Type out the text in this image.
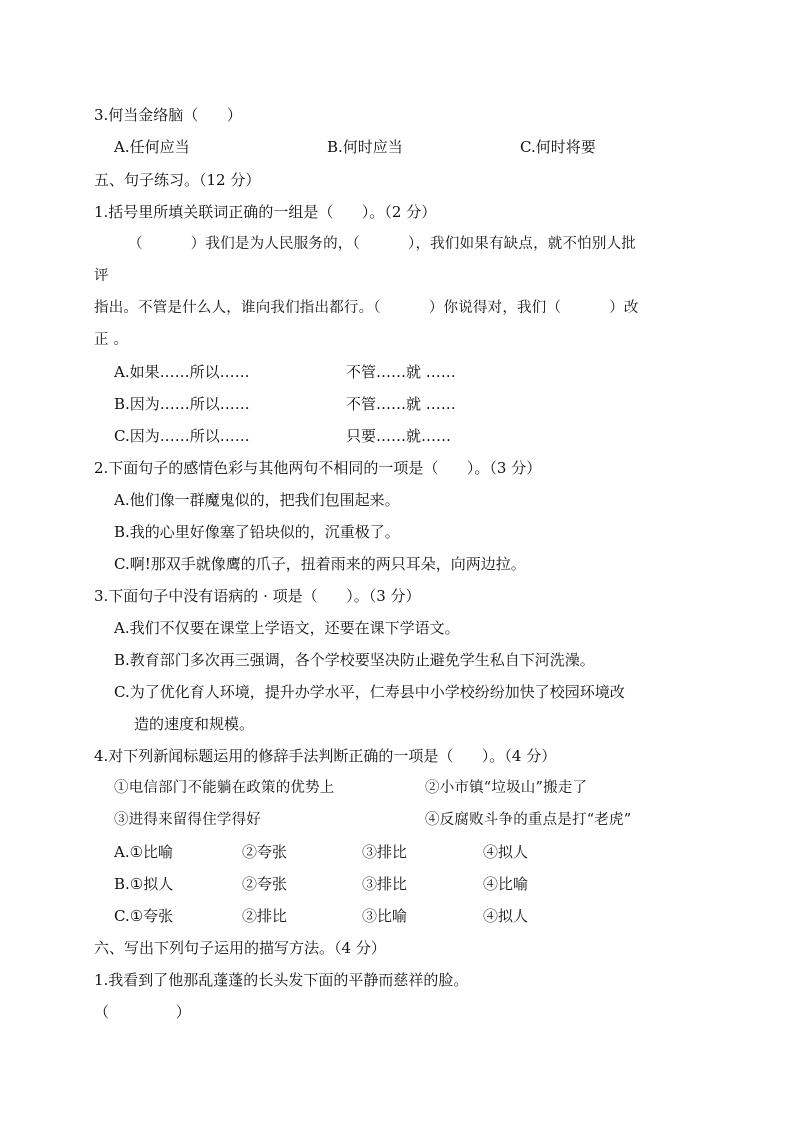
3.何当金络脑（      ）
A.任何应当	B.何时应当	C.何时将要
五、句子练习。（12 分）
1.括号里所填关联词正确的一组是（      ）。（2 分）
（          ）我们是为人民服务的，（          ），我们如果有缺点，就不怕别人批
评
指出。不管是什么人，谁向我们指出都行。（          ）你说得对，我们（          ）改
正 。
A.如果……所以……	不管……就 ……
B.因为……所以……	不管……就 ……
C.因为……所以……	只要……就……
2.下面句子的感情色彩与其他两句不相同的一项是（      ）。（3 分）
A.他们像一群魔鬼似的，把我们包围起来。
B.我的心里好像塞了铅块似的，沉重极了。
C.啊!那双手就像鹰的爪子，扭着雨来的两只耳朵，向两边拉。
3.下面句子中没有语病的 · 项是（      ）。（3 分）
A.我们不仅要在课堂上学语文，还要在课下学语文。
B.教育部门多次再三强调，各个学校要坚决防止避免学生私自下河洗澡。
C.为了优化育人环境，提升办学水平，仁寿县中小学校纷纷加快了校园环境改
造的速度和规模。
4.对下列新闻标题运用的修辞手法判断正确的一项是（      ）。（4 分）
①电信部门不能躺在政策的优势上	②小市镇“垃圾山”搬走了
③进得来留得住学得好	④反腐败斗争的重点是打“老虎”
A.①比喻	②夸张	③排比	④拟人
B.①拟人	②夸张	③排比	④比喻
C.①夸张	②排比	③比喻	④拟人
六、写出下列句子运用的描写方法。（4 分）
1.我看到了他那乱蓬蓬的长头发下面的平静而慈祥的脸。
（              ）
